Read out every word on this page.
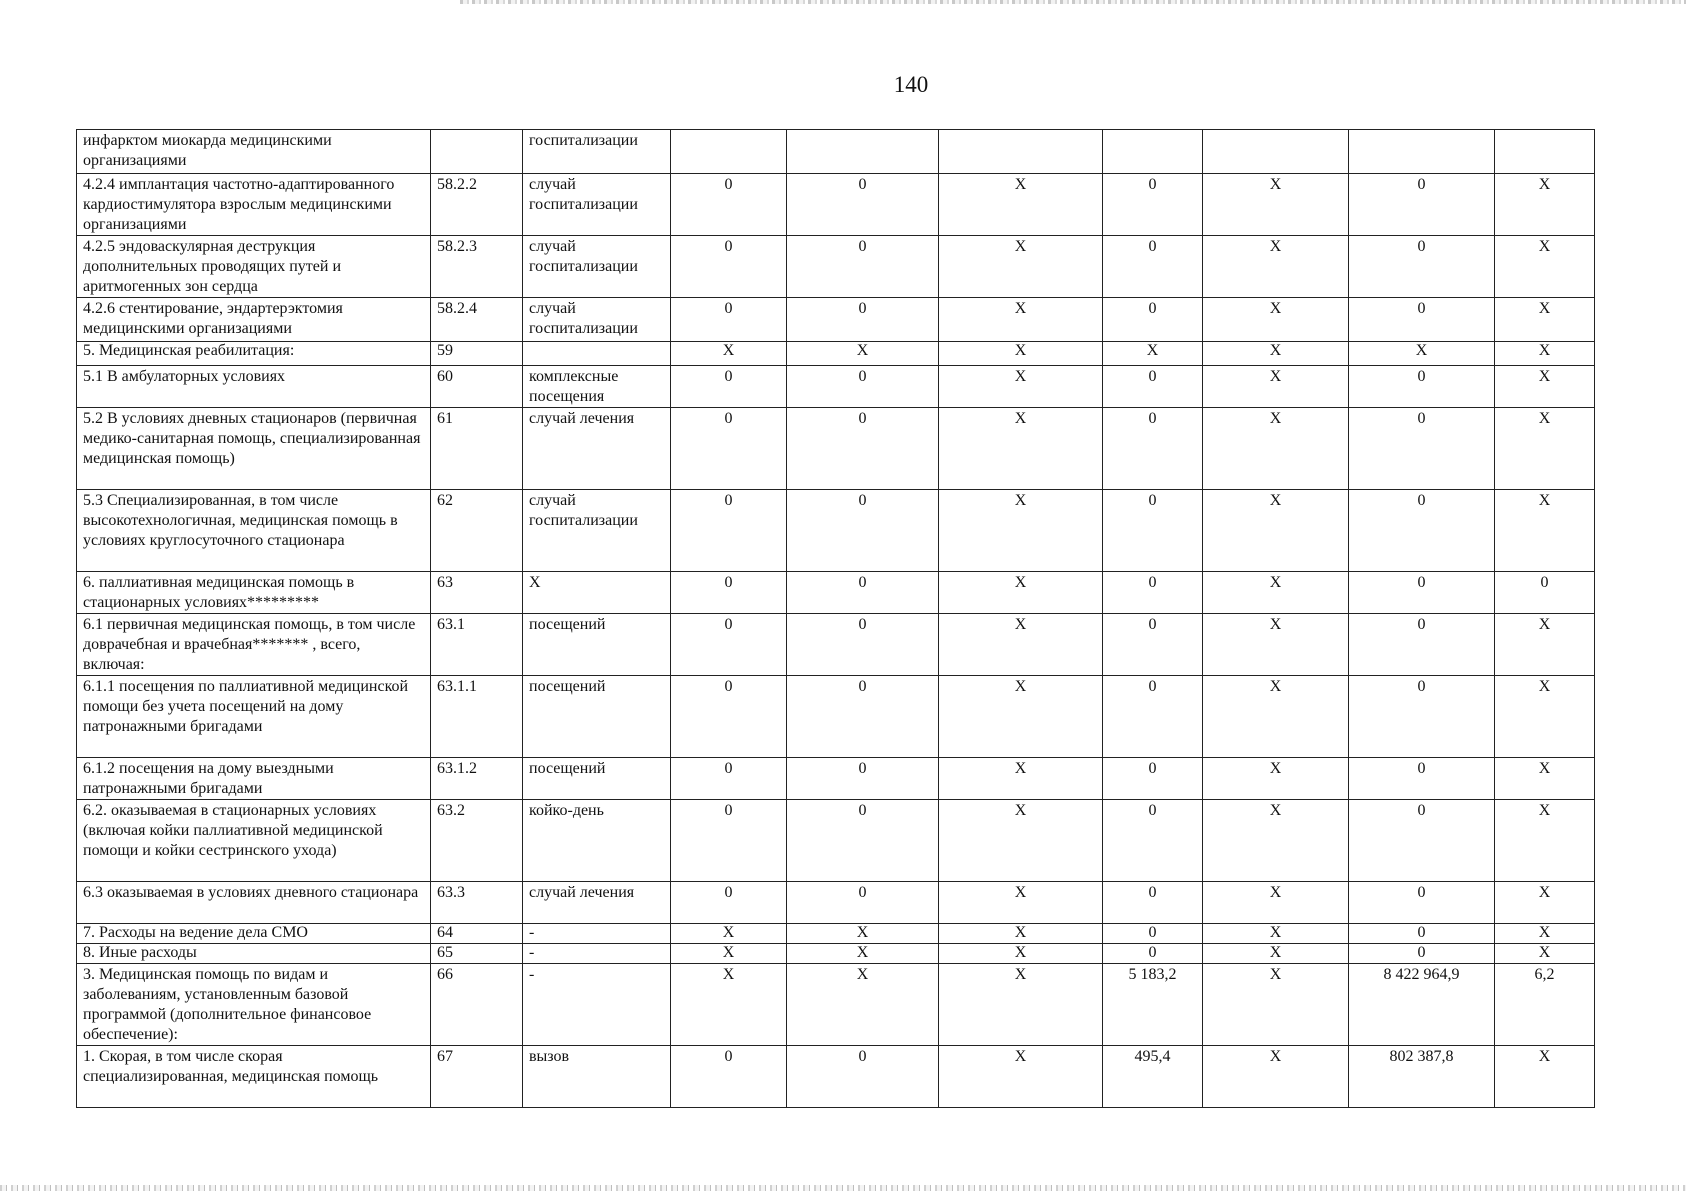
140
инфарктом миокарда медицинскими организациями		госпитализации							
4.2.4 имплантация частотно-адаптированного кардиостимулятора взрослым медицинскими организациями	58.2.2	случай госпитализации	0	0	X	0	X	0	X
4.2.5 эндоваскулярная деструкция дополнительных проводящих путей и аритмогенных зон сердца	58.2.3	случай госпитализации	0	0	X	0	X	0	X
4.2.6 стентирование, эндартерэктомия медицинскими организациями	58.2.4	случай госпитализации	0	0	X	0	X	0	X
5. Медицинская реабилитация:	59		X	X	X	X	X	X	X
5.1 В амбулаторных условиях	60	комплексные посещения	0	0	X	0	X	0	X
5.2 В условиях дневных стационаров (первичная медико-санитарная помощь, специализированная медицинская помощь)	61	случай лечения	0	0	X	0	X	0	X
5.3 Специализированная, в том числе высокотехнологичная, медицинская помощь в условиях круглосуточного стационара	62	случай госпитализации	0	0	X	0	X	0	X
6. паллиативная медицинская помощь в стационарных условиях*********	63	X	0	0	X	0	X	0	0
6.1 первичная медицинская помощь, в том числе доврачебная и врачебная******* , всего, включая:	63.1	посещений	0	0	X	0	X	0	X
6.1.1 посещения по паллиативной медицинской помощи без учета посещений на дому патронажными бригадами	63.1.1	посещений	0	0	X	0	X	0	X
6.1.2 посещения на дому выездными патронажными бригадами	63.1.2	посещений	0	0	X	0	X	0	X
6.2. оказываемая в стационарных условиях (включая койки паллиативной медицинской помощи и койки сестринского ухода)	63.2	койко-день	0	0	X	0	X	0	X
6.3 оказываемая в условиях дневного стационара	63.3	случай лечения	0	0	X	0	X	0	X
7. Расходы на ведение дела СМО	64	-	X	X	X	0	X	0	X
8. Иные расходы	65	-	X	X	X	0	X	0	X
3. Медицинская помощь по видам и заболеваниям, установленным базовой программой (дополнительное финансовое обеспечение):	66	-	X	X	X	5 183,2	X	8 422 964,9	6,2
1. Скорая, в том числе скорая специализированная, медицинская помощь	67	вызов	0	0	X	495,4	X	802 387,8	X
